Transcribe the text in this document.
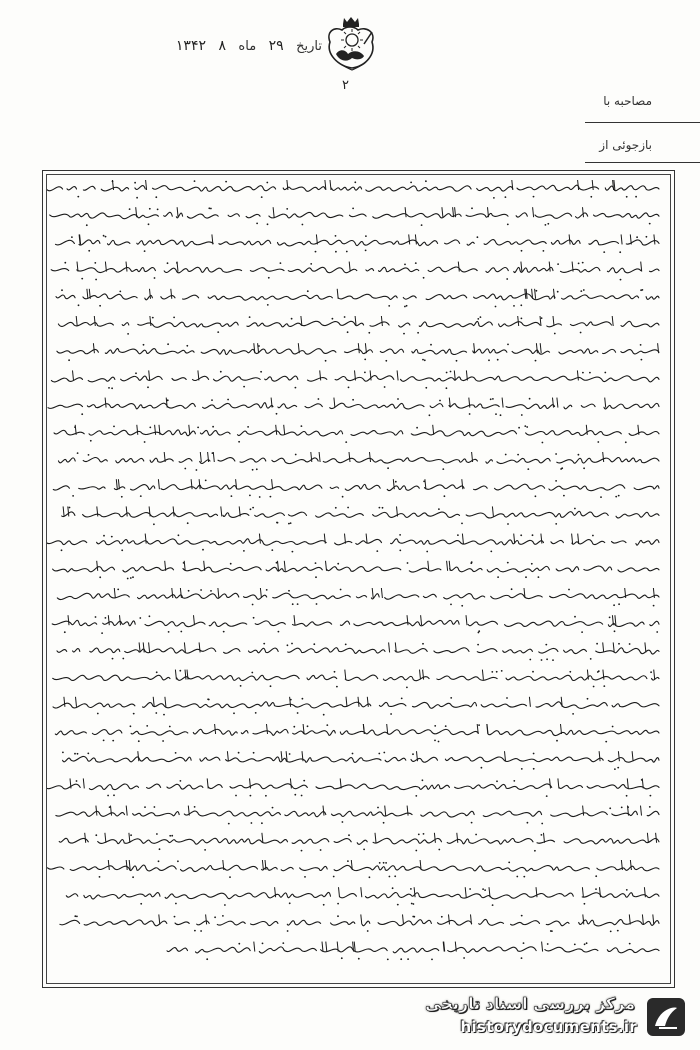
تاریخ ۲۹ ماه ۸ ۱۳۴۲
۲
مصاحبه با
بازجوئی از
مرکز بررسی اسناد تاریخی
historydocuments.ir
